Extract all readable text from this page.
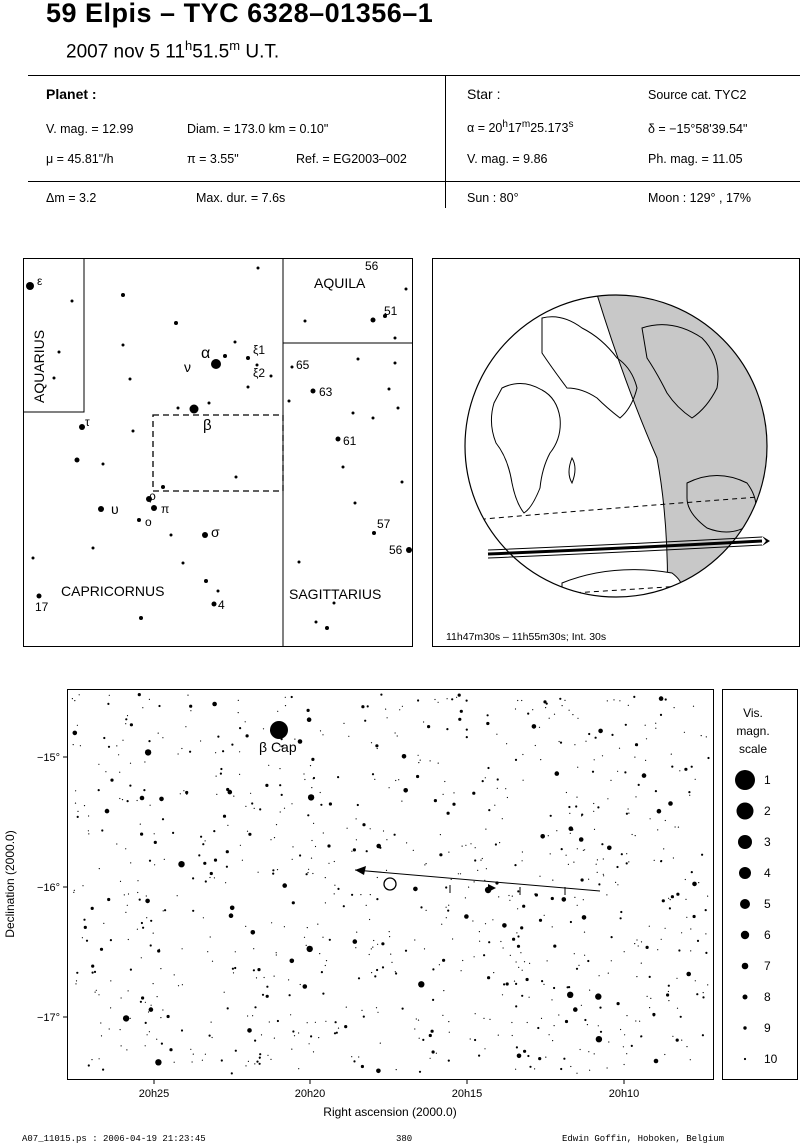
59 Elpis – TYC 6328–01356–1
2007 nov 5 11$^h$51.5$^m$ U.T.
Planet :
V. mag. = 12.99	Diam. = 173.0 km = 0.10"
μ = 45.81"/h	π = 3.55"	Ref. = EG2003–002
Δm = 3.2	Max. dur. = 7.6s
Star :	Source cat. TYC2
$\alpha = 20^h17^m25.173^s$	δ = −15°58'39.54"
V. mag. = 9.86	Ph. mag. = 11.05
Sun : 80°	Moon : 129° , 17%
AQUARIUS
AQUILA
CAPRICORNUS	SAGITTARIUS
ε
α
ν
ξ1
ξ2
β
τ
ρ
υ	π
o
σ
56
51
65
63
61
57
56
17	4
11h47m30s – 11h55m30s; Int. 30s
β Cap
−15°
−16°
−17°
Declination (2000.0)
20h25	20h20	20h15	20h10
Right ascension (2000.0)
Vis.
magn.
scale
1
2
3
4
5
6
7
8
9
10
A07_11015.ps : 2006-04-19 21:23:45	380	Edwin Goffin, Hoboken, Belgium
